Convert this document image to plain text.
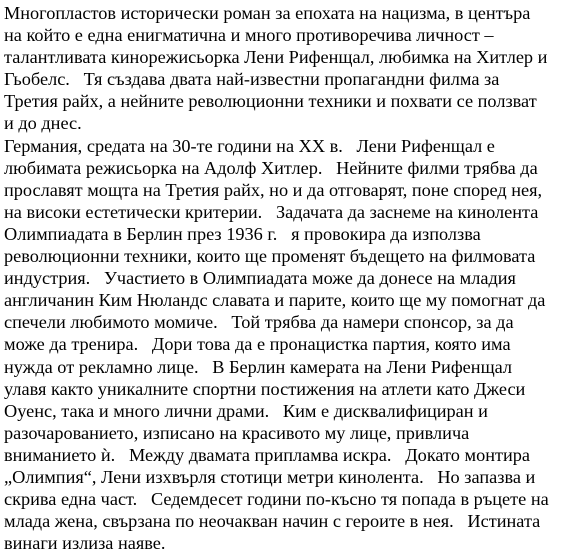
Многопластов исторически роман за епохата на нацизма, в центъра
на който е една енигматична и много противоречива личност –
талантливата кинорежисьорка Лени Рифенщал, любимка на Хитлер и
Гьобелс.   Тя създава двата най-известни пропагандни филма за
Третия райх, а нейните революционни техники и похвати се ползват
и до днес.
Германия, средата на 30-те години на XX в.   Лени Рифенщал е
любимата режисьорка на Адолф Хитлер.   Нейните филми трябва да
прославят мощта на Третия райх, но и да отговарят, поне според нея,
на високи естетически критерии.   Задачата да заснеме на кинолента
Олимпиадата в Берлин през 1936 г.   я провокира да използва
революционни техники, които ще променят бъдещето на филмовата
индустрия.   Участието в Олимпиадата може да донесе на младия
англичанин Ким Нюландс славата и парите, които ще му помогнат да
спечели любимото момиче.   Той трябва да намери спонсор, за да
може да тренира.   Дори това да е пронацистка партия, която има
нужда от рекламно лице.   В Берлин камерата на Лени Рифенщал
улавя както уникалните спортни постижения на атлети като Джеси
Оуенс, така и много лични драми.   Ким е дисквалифициран и
разочарованието, изписано на красивото му лице, привлича
вниманието ѝ.   Между двамата припламва искра.   Докато монтира
„Олимпия“, Лени изхвърля стотици метри кинолента.   Но запазва и
скрива една част.   Седемдесет години по-късно тя попада в ръцете на
млада жена, свързана по неочакван начин с героите в нея.   Истината
винаги излиза наяве.
